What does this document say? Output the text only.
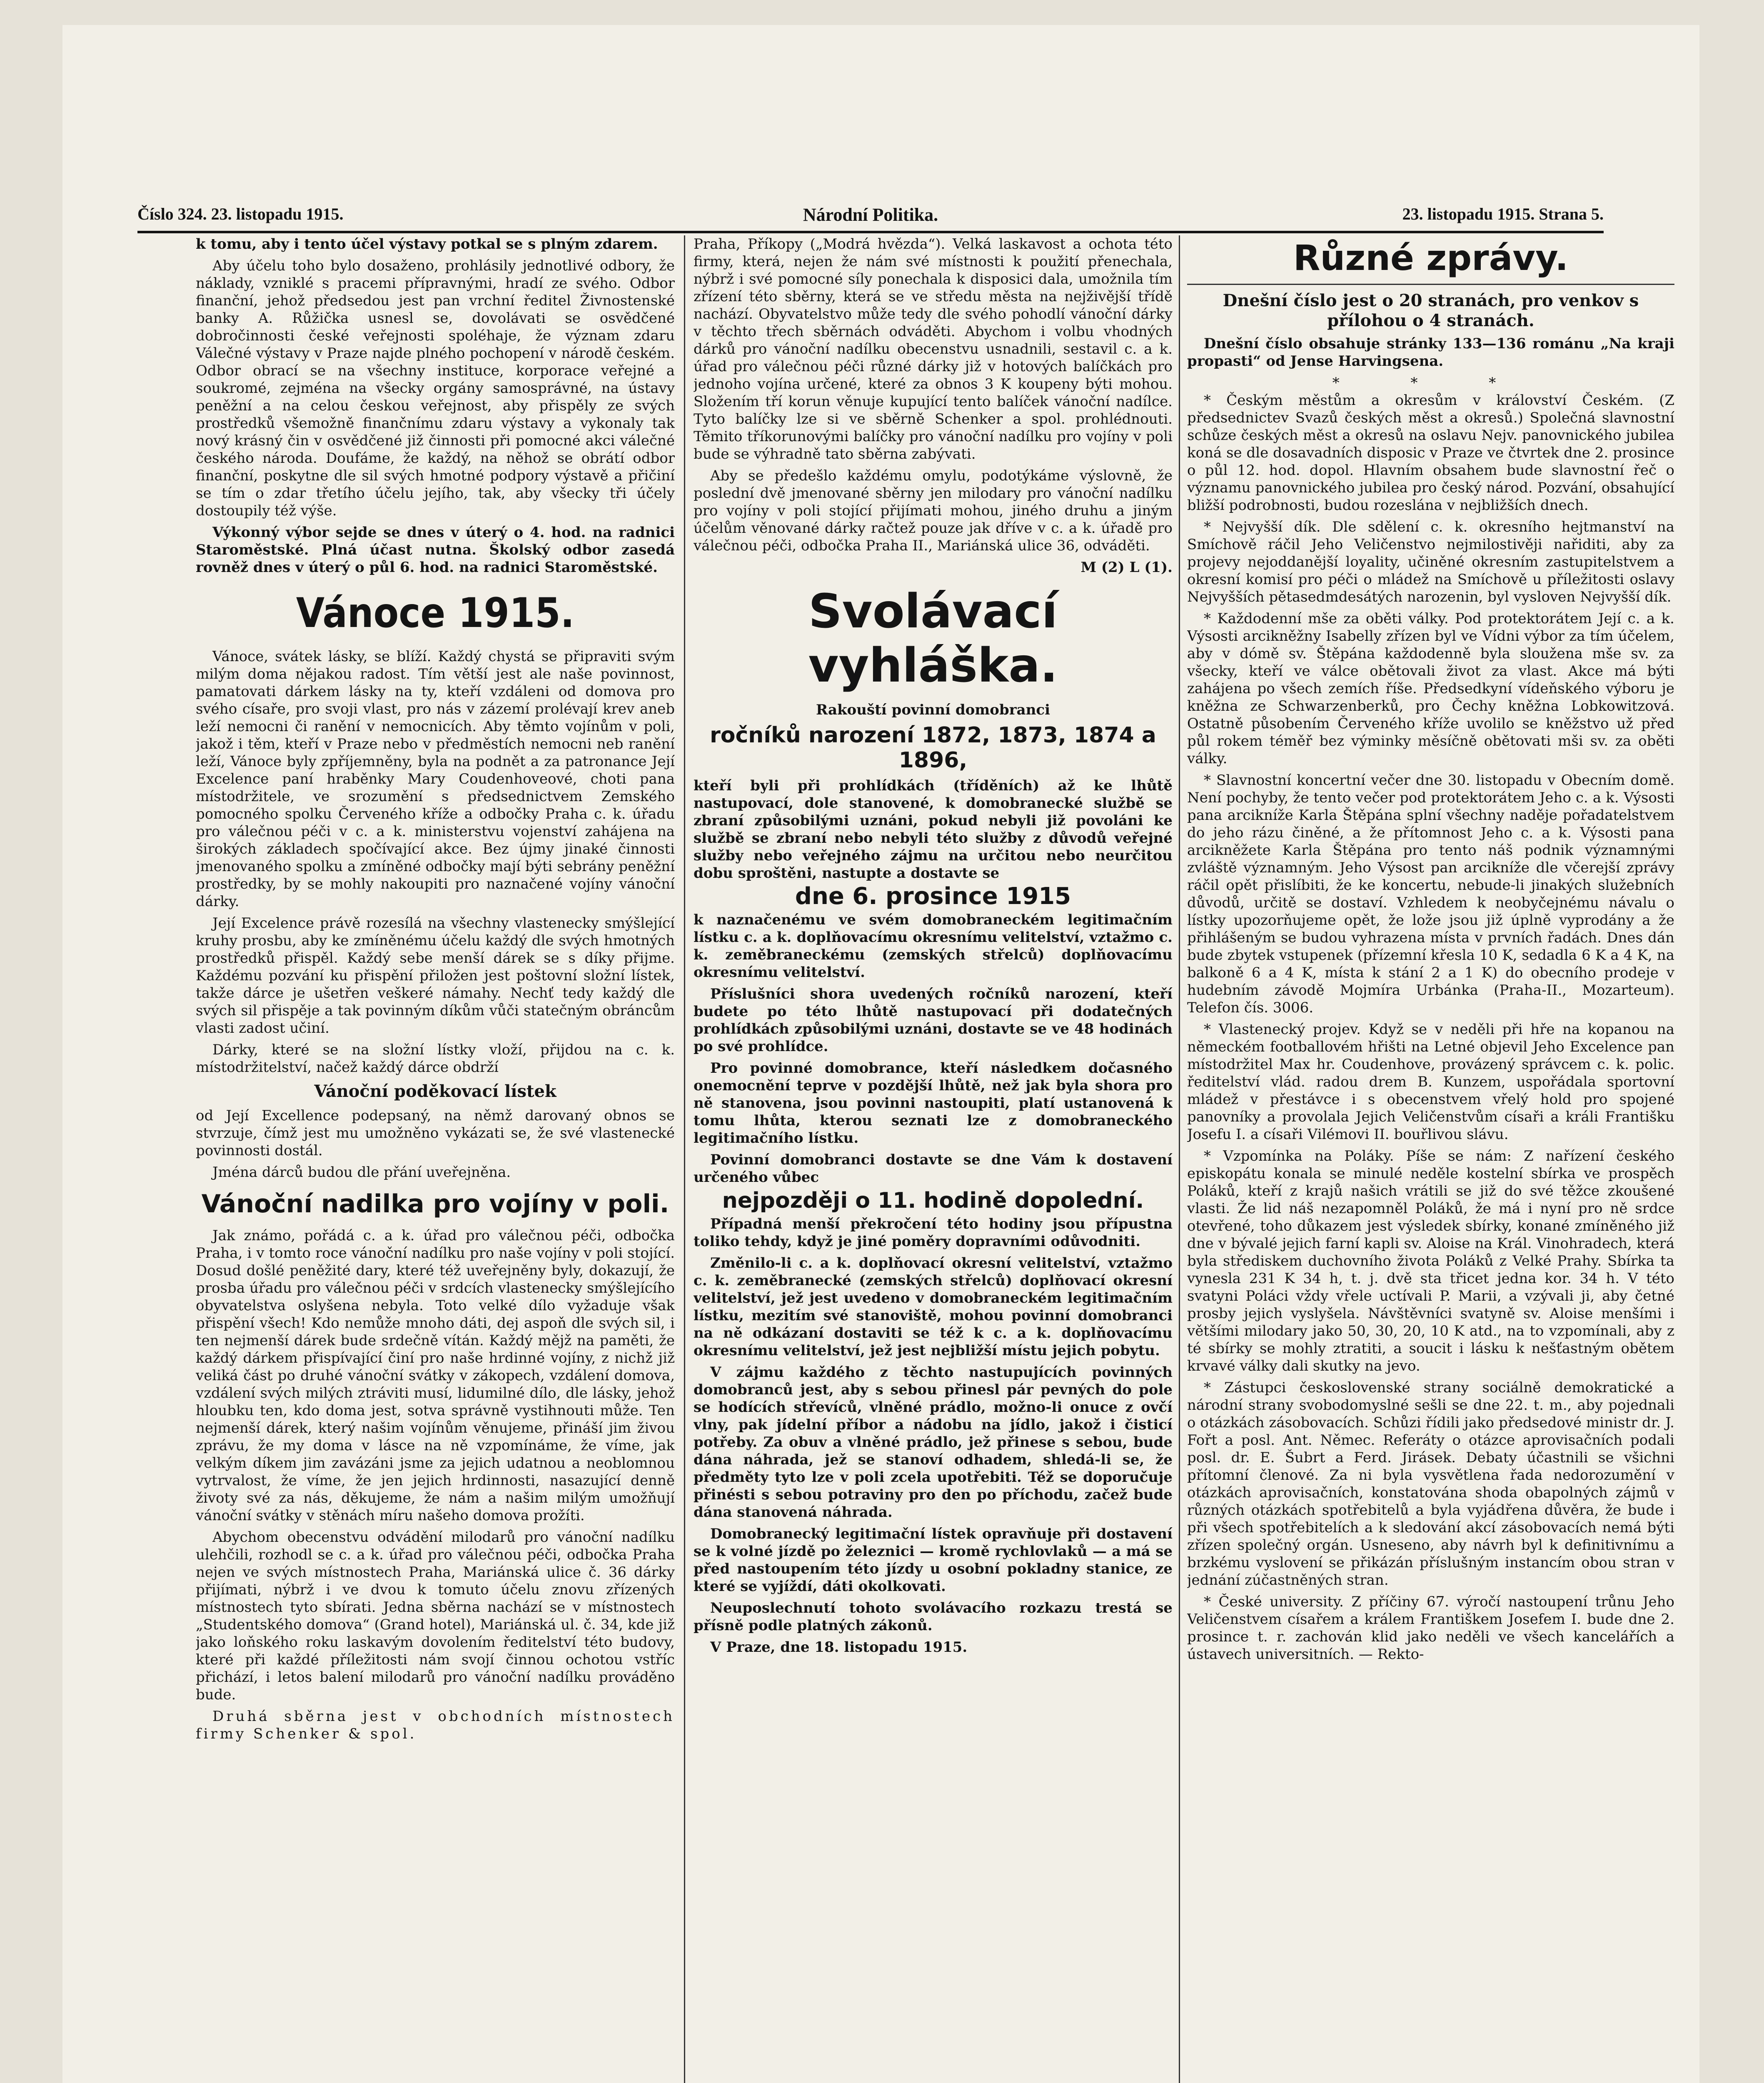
Číslo 324. 23. listopadu 1915.	Národní Politika.	23. listopadu 1915. Strana 5.

k tomu, aby i tento účel výstavy potkal se s plným zdarem.

Aby účelu toho bylo dosaženo, prohlásily jednotlivé odbory, že náklady, vzniklé s pracemi přípravnými, hradí ze svého. Odbor finanční, jehož předsedou jest pan vrchní ředitel Živnostenské banky A. Růžička usnesl se, dovolávati se osvědčené dobročinnosti české veřejnosti spoléhaje, že význam zdaru Válečné výstavy v Praze najde plného pochopení v národě českém. Odbor obrací se na všechny instituce, korporace veřejné a soukromé, zejména na všecky orgány samosprávné, na ústavy peněžní a na celou českou veřejnost, aby přispěly ze svých prostředků všemožně finančnímu zdaru výstavy a vykonaly tak nový krásný čin v osvědčené již činnosti při pomocné akci válečné českého národa. Doufáme, že každý, na něhož se obrátí odbor finanční, poskytne dle sil svých hmotné podpory výstavě a přičiní se tím o zdar třetího účelu jejího, tak, aby všecky tři účely dostoupily též výše.

Výkonný výbor sejde se dnes v úterý o 4. hod. na radnici Staroměstské. Plná účast nutna. Školský odbor zasedá rovněž dnes v úterý o půl 6. hod. na radnici Staroměstské.

Vánoce 1915.

Vánoce, svátek lásky, se blíží. Každý chystá se připraviti svým milým doma nějakou radost. Tím větší jest ale naše povinnost, pamatovati dárkem lásky na ty, kteří vzdáleni od domova pro svého císaře, pro svoji vlast, pro nás v zázemí prolévají krev aneb leží nemocni či ranění v nemocnicích. Aby těmto vojínům v poli, jakož i těm, kteří v Praze nebo v předměstích nemocni neb ranění leží, Vánoce byly zpříjemněny, byla na podnět a za patronance Její Excelence paní hraběnky Mary Coudenhoveové, choti pana místodržitele, ve srozumění s předsednictvem Zemského pomocného spolku Červeného kříže a odbočky Praha c. k. úřadu pro válečnou péči v c. a k. ministerstvu vojenství zahájena na širokých základech spočívající akce. Bez újmy jinaké činnosti jmenovaného spolku a zmíněné odbočky mají býti sebrány peněžní prostředky, by se mohly nakoupiti pro naznačené vojíny vánoční dárky.

Její Excelence právě rozesílá na všechny vlastenecky smýšlející kruhy prosbu, aby ke zmíněnému účelu každý dle svých hmotných prostředků přispěl. Každý sebe menší dárek se s díky přijme. Každému pozvání ku přispění přiložen jest poštovní složní lístek, takže dárce je ušetřen veškeré námahy. Nechť tedy každý dle svých sil přispěje a tak povinným díkům vůči statečným obráncům vlasti zadost učiní.

Dárky, které se na složní lístky vloží, přijdou na c. k. místodržitelství, načež každý dárce obdrží

Vánoční poděkovací lístek

od Její Excellence podepsaný, na němž darovaný obnos se stvrzuje, čímž jest mu umožněno vykázati se, že své vlastenecké povinnosti dostál.

Jména dárců budou dle přání uveřejněna.

Vánoční nadilka pro vojíny v poli.

Jak známo, pořádá c. a k. úřad pro válečnou péči, odbočka Praha, i v tomto roce vánoční nadílku pro naše vojíny v poli stojící. Dosud došlé peněžité dary, které též uveřejněny byly, dokazují, že prosba úřadu pro válečnou péči v srdcích vlastenecky smýšlejícího obyvatelstva oslyšena nebyla. Toto velké dílo vyžaduje však přispění všech! Kdo nemůže mnoho dáti, dej aspoň dle svých sil, i ten nejmenší dárek bude srdečně vítán. Každý mějž na paměti, že každý dárkem přispívající činí pro naše hrdinné vojíny, z nichž již veliká část po druhé vánoční svátky v zákopech, vzdálení domova, vzdálení svých milých ztráviti musí, lidumilné dílo, dle lásky, jehož hloubku ten, kdo doma jest, sotva správně vystihnouti může. Ten nejmenší dárek, který našim vojínům věnujeme, přináší jim živou zprávu, že my doma v lásce na ně vzpomínáme, že víme, jak velkým díkem jim zavázáni jsme za jejich udatnou a neoblomnou vytrvalost, že víme, že jen jejich hrdinnosti, nasazující denně životy své za nás, děkujeme, že nám a našim milým umožňují vánoční svátky v stěnách míru našeho domova prožíti.

Abychom obecenstvu odvádění milodarů pro vánoční nadílku ulehčili, rozhodl se c. a k. úřad pro válečnou péči, odbočka Praha nejen ve svých místnostech Praha, Mariánská ulice č. 36 dárky přijímati, nýbrž i ve dvou k tomuto účelu znovu zřízených místnostech tyto sbírati. Jedna sběrna nachází se v místnostech „Studentského domova“ (Grand hotel), Mariánská ul. č. 34, kde již jako loňského roku laskavým dovolením ředitelství této budovy, které při každé příležitosti nám svojí činnou ochotou vstříc přichází, i letos balení milodarů pro vánoční nadílku prováděno bude.

Druhá sběrna jest v obchodních místnostech firmy Schenker & spol.

Praha, Příkopy („Modrá hvězda“). Velká laskavost a ochota této firmy, která, nejen že nám své místnosti k použití přenechala, nýbrž i své pomocné síly ponechala k disposici dala, umožnila tím zřízení této sběrny, která se ve středu města na nejživější třídě nachází. Obyvatelstvo může tedy dle svého pohodlí vánoční dárky v těchto třech sběrnách odváděti. Abychom i volbu vhodných dárků pro vánoční nadílku obecenstvu usnadnili, sestavil c. a k. úřad pro válečnou péči různé dárky již v hotových balíčkách pro jednoho vojína určené, které za obnos 3 K koupeny býti mohou. Složením tří korun věnuje kupující tento balíček vánoční nadílce. Tyto balíčky lze si ve sběrně Schenker a spol. prohlédnouti. Těmito tříkorunovými balíčky pro vánoční nadílku pro vojíny v poli bude se výhradně tato sběrna zabývati.

Aby se předešlo každému omylu, podotýkáme výslovně, že poslední dvě jmenované sběrny jen milodary pro vánoční nadílku pro vojíny v poli stojící přijímati mohou, jiného druhu a jiným účelům věnované dárky račtež pouze jak dříve v c. a k. úřadě pro válečnou péči, odbočka Praha II., Mariánská ulice 36, odváděti.

M (2) L (1).
Svolávací vyhláška.

Rakouští povinní domobranci

ročníků narození 1872, 1873, 1874 a 1896,

kteří byli při prohlídkách (tříděních) až ke lhůtě nastupovací, dole stanovené, k domobranecké službě se zbraní způsobilými uznáni, pokud nebyli již povoláni ke službě se zbraní nebo nebyli této služby z důvodů veřejné služby nebo veřejného zájmu na určitou nebo neurčitou dobu sproštěni, nastupte a dostavte se

dne 6. prosince 1915

k naznačenému ve svém domobraneckém legitimačním lístku c. a k. doplňovacímu okresnímu velitelství, vztažmo c. k. zeměbraneckému (zemských střelců) doplňovacímu okresnímu velitelství.

Příslušníci shora uvedených ročníků narození, kteří budete po této lhůtě nastupovací při dodatečných prohlídkách způsobilými uznáni, dostavte se ve 48 hodinách po své prohlídce.

Pro povinné domobrance, kteří následkem dočasného onemocnění teprve v pozdější lhůtě, než jak byla shora pro ně stanovena, jsou povinni nastoupiti, platí ustanovená k tomu lhůta, kterou seznati lze z domobraneckého legitimačního lístku.

Povinní domobranci dostavte se dne Vám k dostavení určeného vůbec

nejpozději o 11. hodině dopolední.

Případná menší překročení této hodiny jsou přípustna toliko tehdy, když je jiné poměry dopravními odůvodniti.

Změnilo-li c. a k. doplňovací okresní velitelství, vztažmo c. k. zeměbranecké (zemských střelců) doplňovací okresní velitelství, jež jest uvedeno v domobraneckém legitimačním lístku, mezitím své stanoviště, mohou povinní domobranci na ně odkázaní dostaviti se též k c. a k. doplňovacímu okresnímu velitelství, jež jest nejbližší místu jejich pobytu.

V zájmu každého z těchto nastupujících povinných domobranců jest, aby s sebou přinesl pár pevných do pole se hodících střevíců, vlněné prádlo, možno-li onuce z ovčí vlny, pak jídelní příbor a nádobu na jídlo, jakož i čisticí potřeby. Za obuv a vlněné prádlo, jež přinese s sebou, bude dána náhrada, jež se stanoví odhadem, shledá-li se, že předměty tyto lze v poli zcela upotřebiti. Též se doporučuje přinésti s sebou potraviny pro den po příchodu, začež bude dána stanovená náhrada.

Domobranecký legitimační lístek opravňuje při dostavení se k volné jízdě po železnici — kromě rychlovlaků — a má se před nastoupením této jízdy u osobní pokladny stanice, ze které se vyjíždí, dáti okolkovati.

Neuposlechnutí tohoto svolávacího rozkazu trestá se přísně podle platných zákonů.

V Praze, dne 18. listopadu 1915.

Různé zprávy.

Dnešní číslo jest o 20 stranách, pro venkov s přílohou o 4 stranách.

Dnešní číslo obsahuje stránky 133—136 románu „Na kraji propasti“ od Jense Harvingsena.

* * *

* Českým městům a okresům v království Českém. (Z předsednictev Svazů českých měst a okresů.) Společná slavnostní schůze českých měst a okresů na oslavu Nejv. panovnického jubilea koná se dle dosavadních disposic v Praze ve čtvrtek dne 2. prosince o půl 12. hod. dopol. Hlavním obsahem bude slavnostní řeč o významu panovnického jubilea pro český národ. Pozvání, obsahující bližší podrobnosti, budou rozeslána v nejbližších dnech.

* Nejvyšší dík. Dle sdělení c. k. okresního hejtmanství na Smíchově ráčil Jeho Veličenstvo nejmilostivěji nařiditi, aby za projevy nejoddanější loyality, učiněné okresním zastupitelstvem a okresní komisí pro péči o mládež na Smíchově u příležitosti oslavy Nejvyšších pětasedmdesátých narozenin, byl vysloven Nejvyšší dík.

* Každodenní mše za oběti války. Pod protektorátem Její c. a k. Výsosti arcikněžny Isabelly zřízen byl ve Vídni výbor za tím účelem, aby v dómě sv. Štěpána každodenně byla sloužena mše sv. za všecky, kteří ve válce obětovali život za vlast. Akce má býti zahájena po všech zemích říše. Předsedkyní vídeňského výboru je kněžna ze Schwarzenberků, pro Čechy kněžna Lobkowitzová. Ostatně působením Červeného kříže uvolilo se kněžstvo už před půl rokem téměř bez výminky měsíčně obětovati mši sv. za oběti války.

* Slavnostní koncertní večer dne 30. listopadu v Obecním domě. Není pochyby, že tento večer pod protektorátem Jeho c. a k. Výsosti pana arcikníže Karla Štěpána splní všechny naděje pořadatelstvem do jeho rázu činěné, a že přítomnost Jeho c. a k. Výsosti pana arcikněžete Karla Štěpána pro tento náš podnik významnými zvláště významným. Jeho Výsost pan arcikníže dle včerejší zprávy ráčil opět přislíbiti, že ke koncertu, nebude-li jinakých služebních důvodů, určitě se dostaví. Vzhledem k neobyčejnému návalu o lístky upozorňujeme opět, že lože jsou již úplně vyprodány a že přihlášeným se budou vyhrazena místa v prvních řadách. Dnes dán bude zbytek vstupenek (přízemní křesla 10 K, sedadla 6 K a 4 K, na balkoně 6 a 4 K, místa k stání 2 a 1 K) do obecního prodeje v hudebním závodě Mojmíra Urbánka (Praha-II., Mozarteum). Telefon čís. 3006.

* Vlastenecký projev. Když se v neděli při hře na kopanou na německém footballovém hřišti na Letné objevil Jeho Excelence pan místodržitel Max hr. Coudenhove, provázený správcem c. k. polic. ředitelství vlád. radou drem B. Kunzem, uspořádala sportovní mládež v přestávce i s obecenstvem vřelý hold pro spojené panovníky a provolala Jejich Veličenstvům císaři a králi Františku Josefu I. a císaři Vilémovi II. bouřlivou slávu.

* Vzpomínka na Poláky. Píše se nám: Z nařízení českého episkopátu konala se minulé neděle kostelní sbírka ve prospěch Poláků, kteří z krajů našich vrátili se již do své těžce zkoušené vlasti. Že lid náš nezapomněl Poláků, že má i nyní pro ně srdce otevřené, toho důkazem jest výsledek sbírky, konané zmíněného již dne v bývalé jejich farní kapli sv. Aloise na Král. Vinohradech, která byla střediskem duchovního života Poláků z Velké Prahy. Sbírka ta vynesla 231 K 34 h, t. j. dvě sta třicet jedna kor. 34 h. V této svatyni Poláci vždy vřele uctívali P. Marii, a vzývali ji, aby četné prosby jejich vyslyšela. Návštěvníci svatyně sv. Aloise menšími i většími milodary jako 50, 30, 20, 10 K atd., na to vzpomínali, aby z té sbírky se mohly ztratiti, a soucit i lásku k nešťastným obětem krvavé války dali skutky na jevo.

* Zástupci československé strany sociálně demokratické a národní strany svobodomyslné sešli se dne 22. t. m., aby pojednali o otázkách zásobovacích. Schůzi řídili jako předsedové ministr dr. J. Fořt a posl. Ant. Němec. Referáty o otázce aprovisačních podali posl. dr. E. Šubrt a Ferd. Jirásek. Debaty účastnili se všichni přítomní členové. Za ni byla vysvětlena řada nedorozumění v otázkách aprovisačních, konstatována shoda obapolných zájmů v různých otázkách spotřebitelů a byla vyjádřena důvěra, že bude i při všech spotřebitelích a k sledování akcí zásobovacích nemá býti zřízen společný orgán. Usneseno, aby návrh byl k definitivnímu a brzkému vyslovení se přikázán příslušným instancím obou stran v jednání zúčastněných stran.

* České university. Z příčiny 67. výročí nastoupení trůnu Jeho Veličenstvem císařem a králem Františkem Josefem I. bude dne 2. prosince t. r. zachován klid jako neděli ve všech kancelářích a ústavech universitních. — Rekto-
